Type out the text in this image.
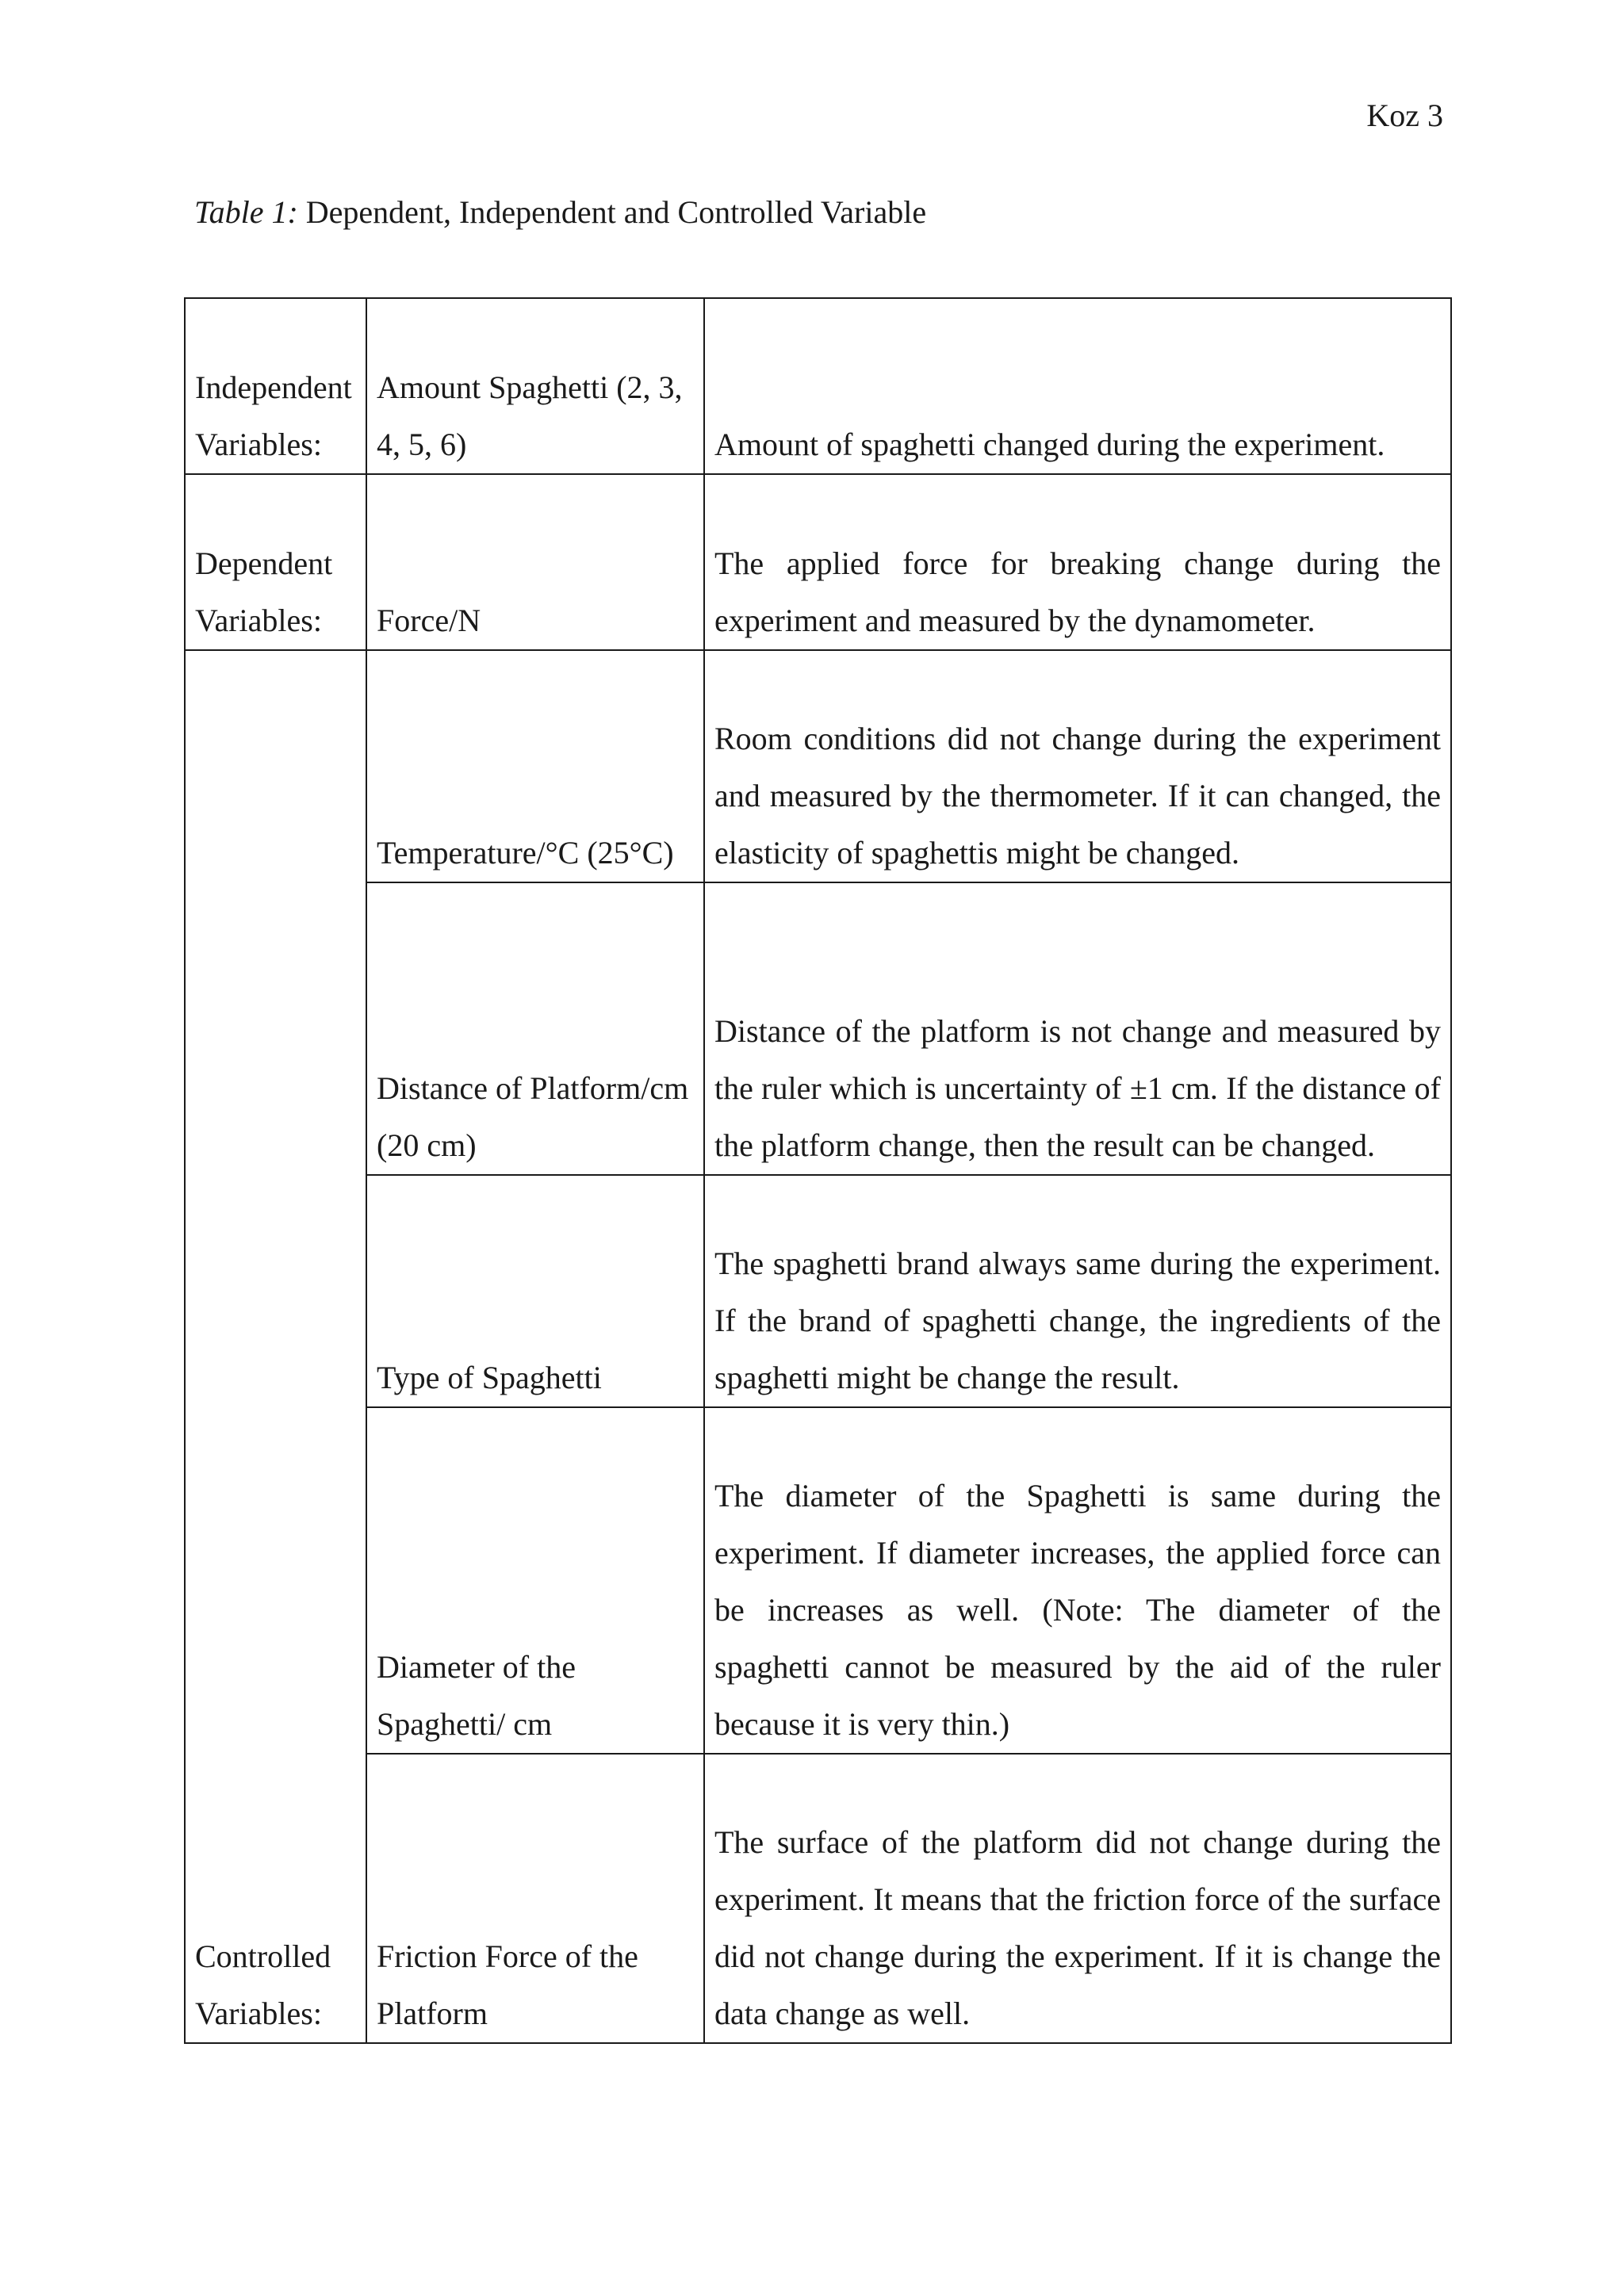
Koz 3
Table 1: Dependent, Independent and Controlled Variable
Independent Variables:	Amount Spaghetti (2, 3, 4, 5, 6)	Amount of spaghetti changed during the experiment.
Dependent Variables:	Force/N	The applied force for breaking change during the experiment and measured by the dynamometer.
Controlled Variables:	Temperature/°C (25°C)	Room conditions did not change during the experiment and measured by the thermometer. If it can changed, the elasticity of spaghettis might be changed.
	Distance of Platform/cm (20 cm)	Distance of the platform is not change and measured by the ruler which is uncertainty of ±1 cm. If the distance of the platform change, then the result can be changed.
	Type of Spaghetti	The spaghetti brand always same during the experiment. If the brand of spaghetti change, the ingredients of the spaghetti might be change the result.
	Diameter of the Spaghetti/ cm	The diameter of the Spaghetti is same during the experiment. If diameter increases, the applied force can be increases as well. (Note: The diameter of the spaghetti cannot be measured by the aid of the ruler because it is very thin.)
	Friction Force of the Platform	The surface of the platform did not change during the experiment. It means that the friction force of the surface did not change during the experiment. If it is change the data change as well.
